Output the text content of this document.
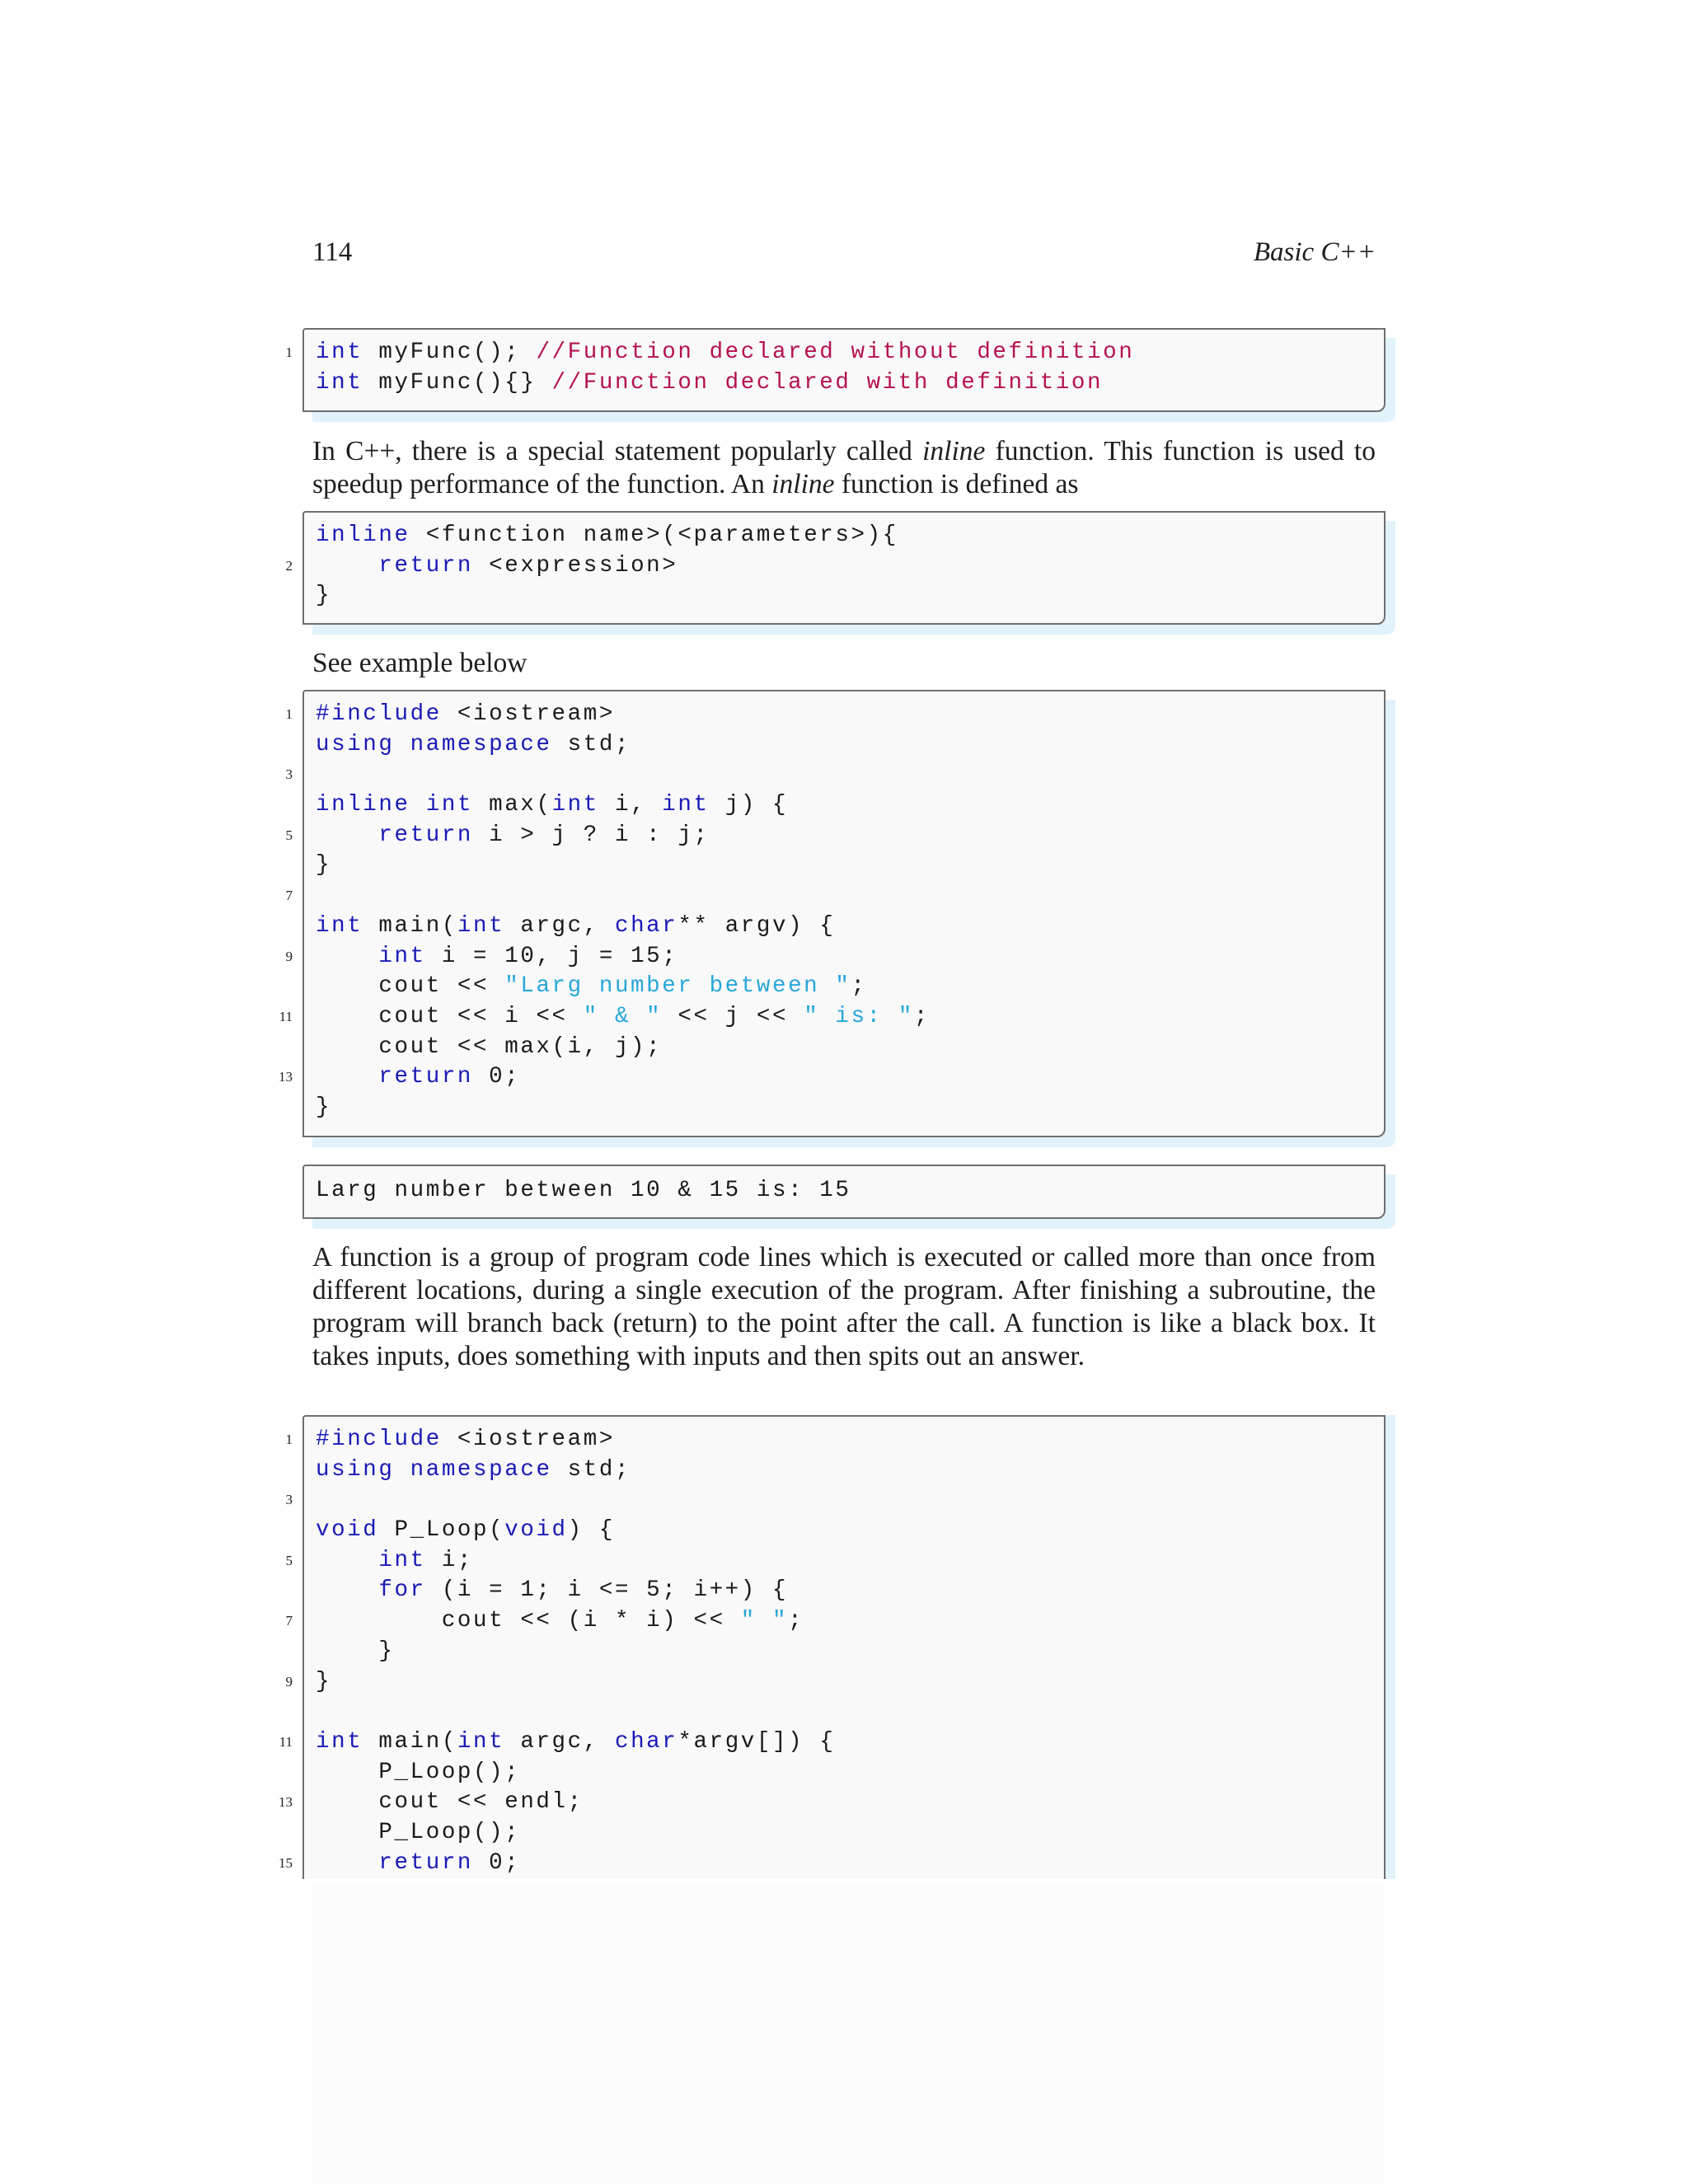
114	Basic C++
1 int myFunc(); //Function declared without definition
int myFunc(){} //Function declared with definition
In C++, there is a special statement popularly called inline function. This function is used to speedup performance of the function. An inline function is defined as
inline <function name>(<parameters>){
2	return <expression>
}
See example below
1 #include <iostream>
using namespace std;
3
inline int max(int i, int j) {
5	return i > j ? i : j;
}
7
int main(int argc, char** argv) {
9	int i = 10, j = 15;
cout << "Larg number between ";
11 cout << i << " & " << j << " is: ";
cout << max(i, j);
13	return 0;
}
Larg number between 10 & 15 is: 15
A function is a group of program code lines which is executed or called more than once from different locations, during a single execution of the program. After finishing a subroutine, the program will branch back (return) to the point after the call. A function is like a black box. It takes inputs, does something with inputs and then spits out an answer.
1 #include <iostream>
using namespace std;
3
void P_Loop(void) {
5	int i;
for (i = 1; i <= 5; i++) {
7 cout << (i * i) << " ";
}
9 }
11 int main(int argc, char*argv[]) {
P_Loop();
13 cout << endl;
P_Loop();
15	return 0;
